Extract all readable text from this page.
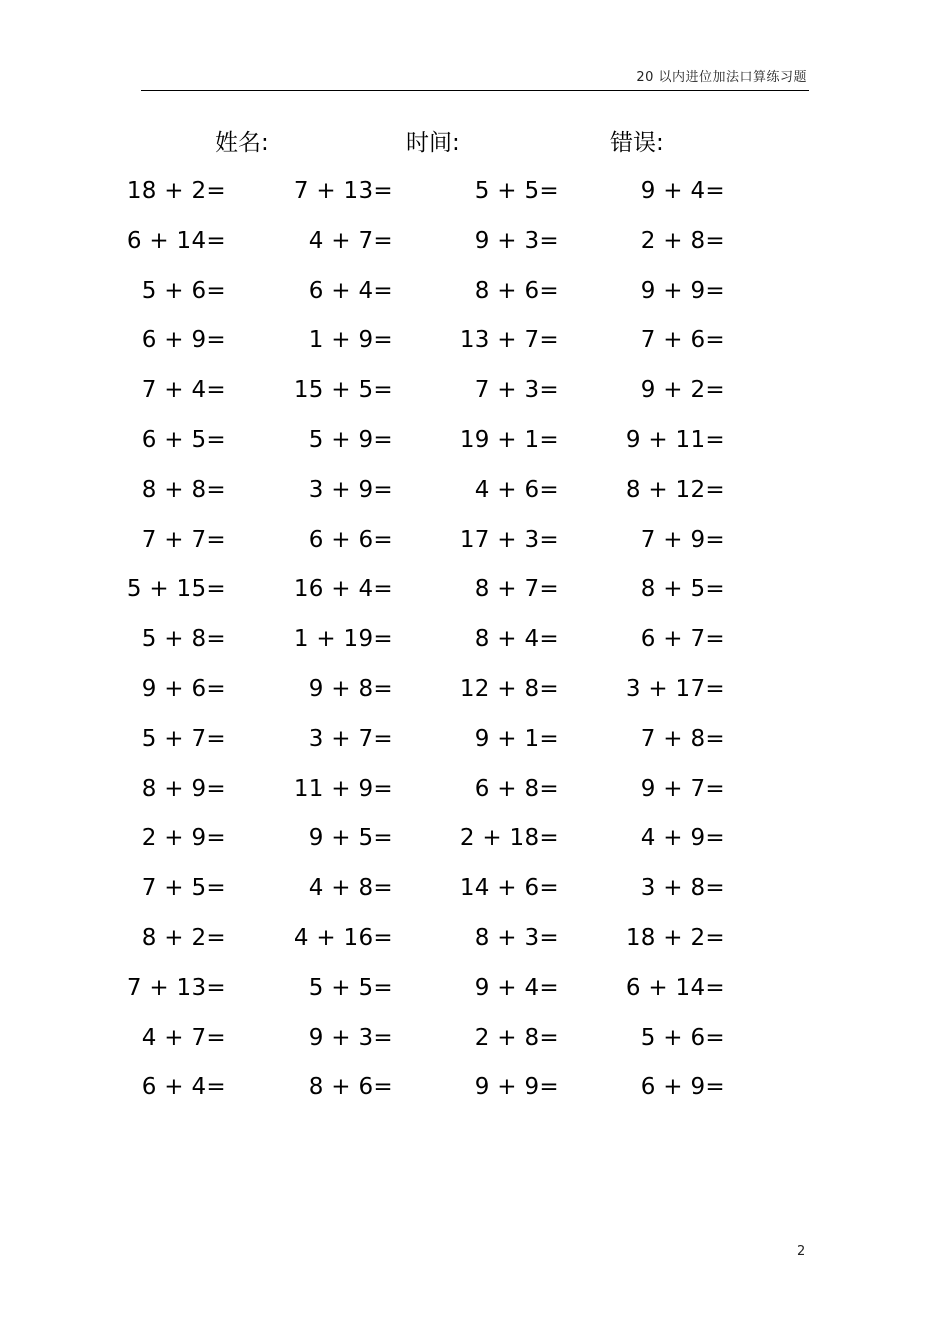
20 以内进位加法口算练习题
姓名:	时间:	错误:
18 + 2=	7 + 13=	5 + 5=	9 + 4=
6 + 14=	4 + 7=	9 + 3=	2 + 8=
5 + 6=	6 + 4=	8 + 6=	9 + 9=
6 + 9=	1 + 9=	13 + 7=	7 + 6=
7 + 4=	15 + 5=	7 + 3=	9 + 2=
6 + 5=	5 + 9=	19 + 1=	9 + 11=
8 + 8=	3 + 9=	4 + 6=	8 + 12=
7 + 7=	6 + 6=	17 + 3=	7 + 9=
5 + 15=	16 + 4=	8 + 7=	8 + 5=
5 + 8=	1 + 19=	8 + 4=	6 + 7=
9 + 6=	9 + 8=	12 + 8=	3 + 17=
5 + 7=	3 + 7=	9 + 1=	7 + 8=
8 + 9=	11 + 9=	6 + 8=	9 + 7=
2 + 9=	9 + 5=	2 + 18=	4 + 9=
7 + 5=	4 + 8=	14 + 6=	3 + 8=
8 + 2=	4 + 16=	8 + 3=	18 + 2=
7 + 13=	5 + 5=	9 + 4=	6 + 14=
4 + 7=	9 + 3=	2 + 8=	5 + 6=
6 + 4=	8 + 6=	9 + 9=	6 + 9=
2
